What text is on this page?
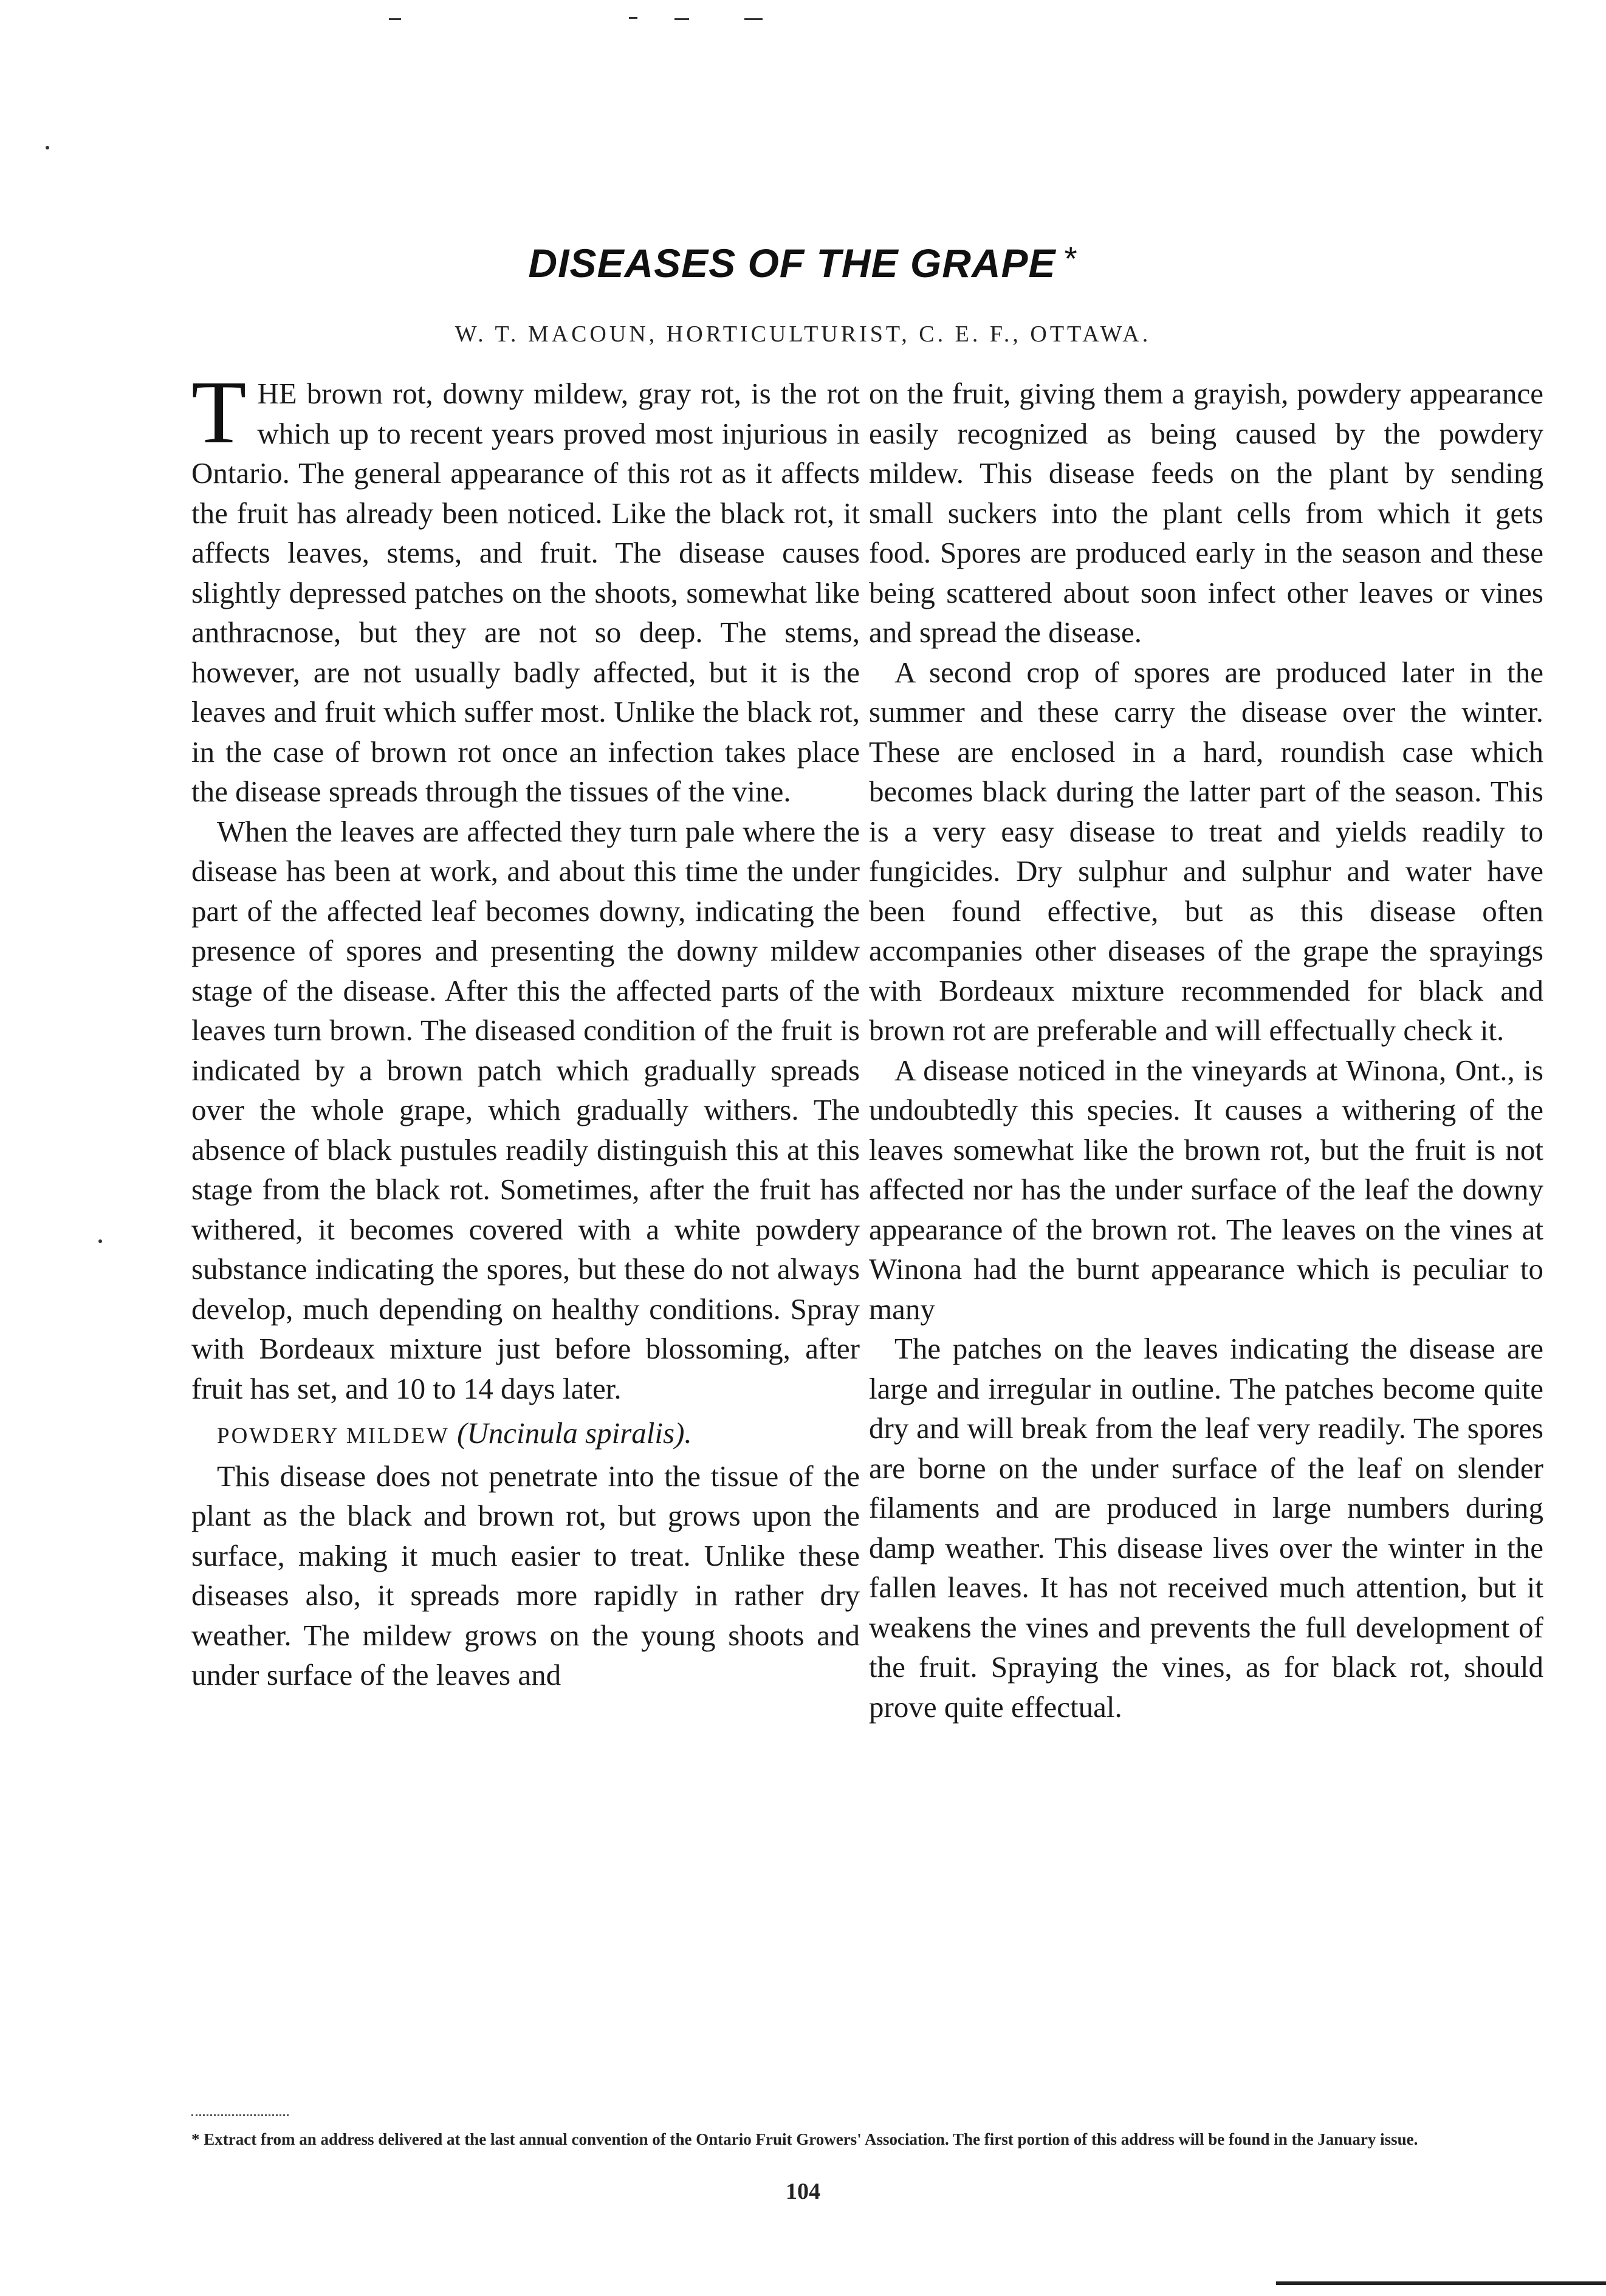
DISEASES OF THE GRAPE *

W. T. MACOUN, HORTICULTURIST, C. E. F., OTTAWA.

THE brown rot, downy mildew, gray rot, is the rot which up to recent years proved most injurious in Ontario. The general appearance of this rot as it affects the fruit has already been noticed. Like the black rot, it affects leaves, stems, and fruit. The disease causes slightly depressed patches on the shoots, somewhat like anthracnose, but they are not so deep. The stems, however, are not usually badly affected, but it is the leaves and fruit which suffer most. Unlike the black rot, in the case of brown rot once an infection takes place the disease spreads through the tissues of the vine.

When the leaves are affected they turn pale where the disease has been at work, and about this time the under part of the affected leaf becomes downy, indicating the presence of spores and presenting the downy mildew stage of the disease. After this the affected parts of the leaves turn brown. The diseased condition of the fruit is indicated by a brown patch which gradually spreads over the whole grape, which gradually withers. The absence of black pustules readily distinguish this at this stage from the black rot. Sometimes, after the fruit has withered, it becomes covered with a white powdery substance indicating the spores, but these do not always develop, much depending on healthy conditions. Spray with Bordeaux mixture just before blossoming, after fruit has set, and 10 to 14 days later.

POWDERY MILDEW (Uncinula spiralis).

This disease does not penetrate into the tissue of the plant as the black and brown rot, but grows upon the surface, making it much easier to treat. Unlike these diseases also, it spreads more rapidly in rather dry weather. The mildew grows on the young shoots and under surface of the leaves and

on the fruit, giving them a grayish, powdery appearance easily recognized as being caused by the powdery mildew. This disease feeds on the plant by sending small suckers into the plant cells from which it gets food. Spores are produced early in the season and these being scattered about soon infect other leaves or vines and spread the disease.

A second crop of spores are produced later in the summer and these carry the disease over the winter. These are enclosed in a hard, roundish case which becomes black during the latter part of the season. This is a very easy disease to treat and yields readily to fungicides. Dry sulphur and sulphur and water have been found effective, but as this disease often accompanies other diseases of the grape the sprayings with Bordeaux mixture recommended for black and brown rot are preferable and will effectually check it.

A disease noticed in the vineyards at Winona, Ont., is undoubtedly this species. It causes a withering of the leaves somewhat like the brown rot, but the fruit is not affected nor has the under surface of the leaf the downy appearance of the brown rot. The leaves on the vines at Winona had the burnt appearance which is peculiar to many

The patches on the leaves indicating the disease are large and irregular in outline. The patches become quite dry and will break from the leaf very readily. The spores are borne on the under surface of the leaf on slender filaments and are produced in large numbers during damp weather. This disease lives over the winter in the fallen leaves. It has not received much attention, but it weakens the vines and prevents the full development of the fruit. Spraying the vines, as for black rot, should prove quite effectual.

* Extract from an address delivered at the last annual convention of the Ontario Fruit Growers' Association. The first portion of this address will be found in the January issue.

104
